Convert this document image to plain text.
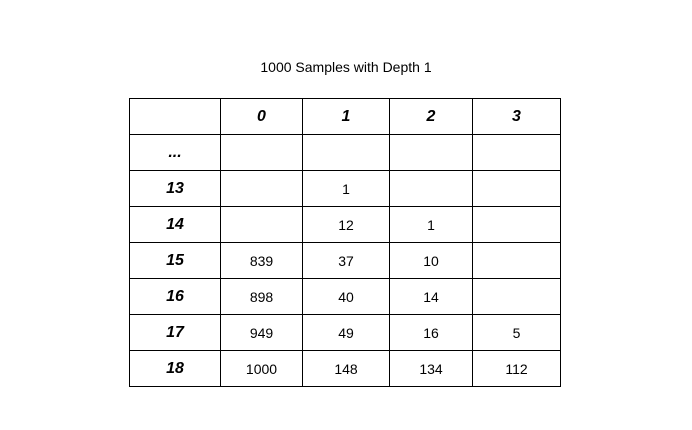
1000 Samples with Depth 1
	0	1	2	3
...				
13		1		
14		12	1	
15	839	37	10	
16	898	40	14	
17	949	49	16	5
18	1000	148	134	112
